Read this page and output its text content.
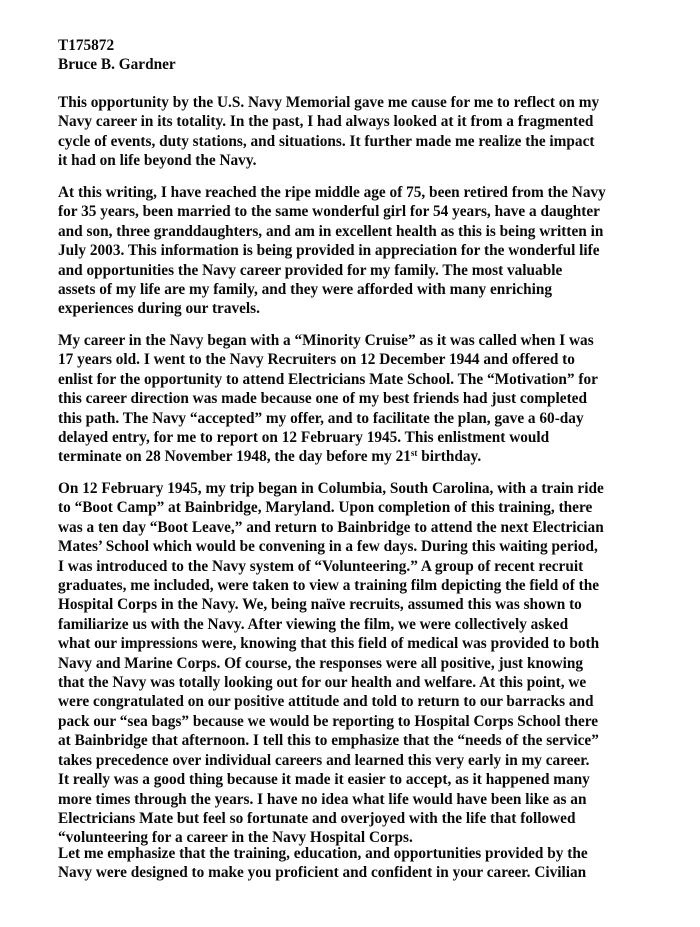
T175872
Bruce B. Gardner
This opportunity by the U.S. Navy Memorial gave me cause for me to reflect on my
Navy career in its totality. In the past, I had always looked at it from a fragmented
cycle of events, duty stations, and situations. It further made me realize the impact
it had on life beyond the Navy.
At this writing, I have reached the ripe middle age of 75, been retired from the Navy
for 35 years, been married to the same wonderful girl for 54 years, have a daughter
and son, three granddaughters, and am in excellent health as this is being written in
July 2003. This information is being provided in appreciation for the wonderful life
and opportunities the Navy career provided for my family. The most valuable
assets of my life are my family, and they were afforded with many enriching
experiences during our travels.
My career in the Navy began with a “Minority Cruise” as it was called when I was
17 years old. I went to the Navy Recruiters on 12 December 1944 and offered to
enlist for the opportunity to attend Electricians Mate School. The “Motivation” for
this career direction was made because one of my best friends had just completed
this path. The Navy “accepted” my offer, and to facilitate the plan, gave a 60-day
delayed entry, for me to report on 12 February 1945. This enlistment would
terminate on 28 November 1948, the day before my 21st birthday.
On 12 February 1945, my trip began in Columbia, South Carolina, with a train ride
to “Boot Camp” at Bainbridge, Maryland. Upon completion of this training, there
was a ten day “Boot Leave,” and return to Bainbridge to attend the next Electrician
Mates’ School which would be convening in a few days. During this waiting period,
I was introduced to the Navy system of “Volunteering.” A group of recent recruit
graduates, me included, were taken to view a training film depicting the field of the
Hospital Corps in the Navy. We, being naïve recruits, assumed this was shown to
familiarize us with the Navy. After viewing the film, we were collectively asked
what our impressions were, knowing that this field of medical was provided to both
Navy and Marine Corps. Of course, the responses were all positive, just knowing
that the Navy was totally looking out for our health and welfare. At this point, we
were congratulated on our positive attitude and told to return to our barracks and
pack our “sea bags” because we would be reporting to Hospital Corps School there
at Bainbridge that afternoon. I tell this to emphasize that the “needs of the service”
takes precedence over individual careers and learned this very early in my career.
It really was a good thing because it made it easier to accept, as it happened many
more times through the years. I have no idea what life would have been like as an
Electricians Mate but feel so fortunate and overjoyed with the life that followed
“volunteering for a career in the Navy Hospital Corps.
Let me emphasize that the training, education, and opportunities provided by the
Navy were designed to make you proficient and confident in your career. Civilian
